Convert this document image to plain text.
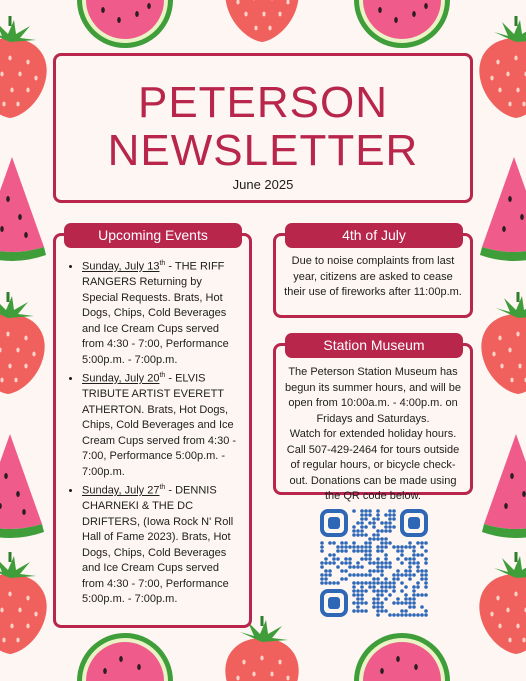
PETERSON
NEWSLETTER
June 2025
• Sunday, July 13th - THE RIFF RANGERS Returning by Special Requests. Brats, Hot Dogs, Chips, Cold Beverages and Ice Cream Cups served from 4:30 - 7:00, Performance 5:00p.m. - 7:00p.m.
• Sunday, July 20th - ELVIS TRIBUTE ARTIST EVERETT ATHERTON. Brats, Hot Dogs, Chips, Cold Beverages and Ice Cream Cups served from 4:30 - 7:00, Performance 5:00p.m. - 7:00p.m.
• Sunday, July 27th - DENNIS CHARNEKI & THE DC DRIFTERS, (Iowa Rock N' Roll Hall of Fame 2023). Brats, Hot Dogs, Chips, Cold Beverages and Ice Cream Cups served from 4:30 - 7:00, Performance 5:00p.m. - 7:00p.m.
Upcoming Events
Due to noise complaints from last year, citizens are asked to cease their use of fireworks after 11:00p.m.
4th of July
The Peterson Station Museum has begun its summer hours, and will be open from 10:00a.m. - 4:00p.m. on Fridays and Saturdays.
Watch for extended holiday hours. Call 507-429-2464 for tours outside of regular hours, or bicycle check-out. Donations can be made using the QR code below.
Station Museum
